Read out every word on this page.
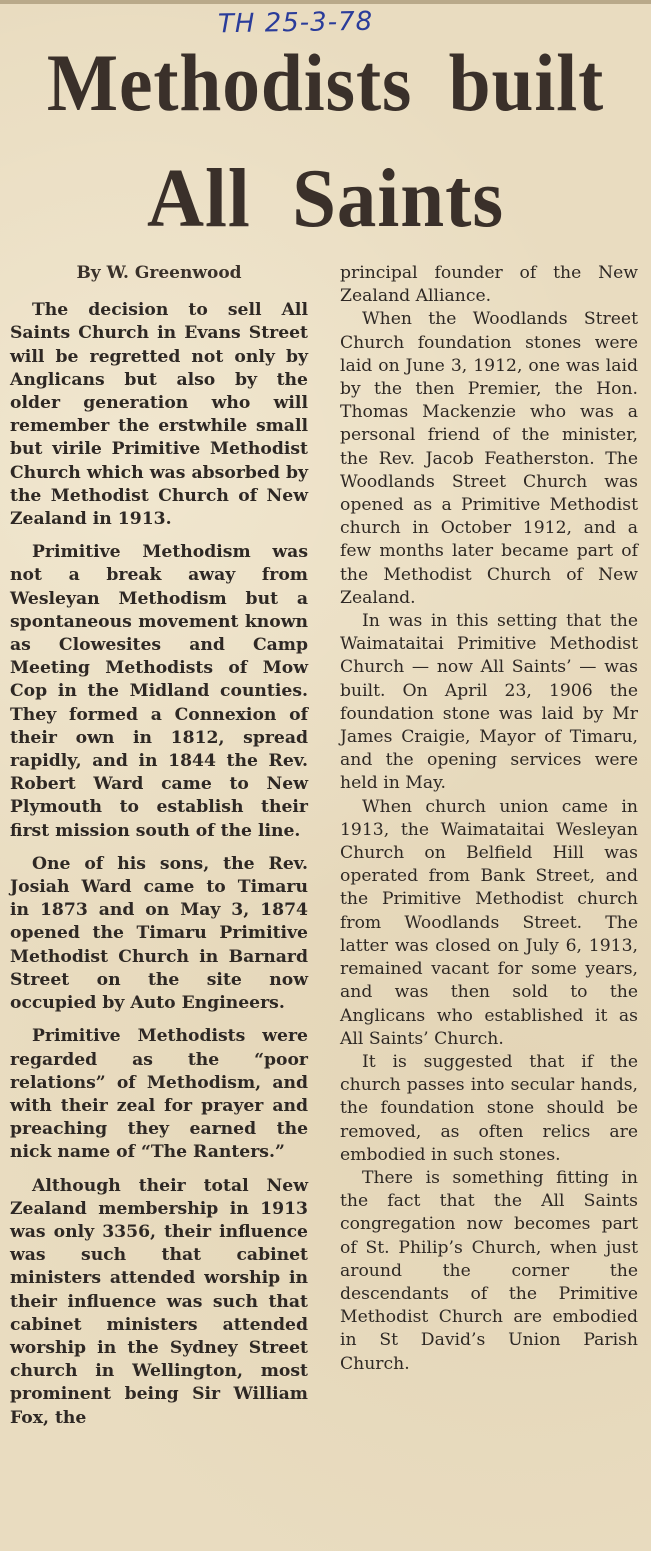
TH 25-3-78
Methodists built
All Saints

By W. Greenwood

The decision to sell All Saints Church in Evans Street will be regretted not only by Anglicans but also by the older generation who will remember the erstwhile small but virile Primitive Methodist Church which was absorbed by the Methodist Church of New Zealand in 1913.

Primitive Methodism was not a break away from Wesleyan Methodism but a spontaneous movement known as Clowesites and Camp Meeting Methodists of Mow Cop in the Midland counties. They formed a Connexion of their own in 1812, spread rapidly, and in 1844 the Rev. Robert Ward came to New Plymouth to establish their first mission south of the line.

One of his sons, the Rev. Josiah Ward came to Timaru in 1873 and on May 3, 1874 opened the Timaru Primitive Methodist Church in Barnard Street on the site now occupied by Auto Engineers.

Primitive Methodists were regarded as the “poor relations” of Methodism, and with their zeal for prayer and preaching they earned the nick name of “The Ranters.”

Although their total New Zealand membership in 1913 was only 3356, their influence was such that cabinet ministers attended worship in their influence was such that cabinet ministers attended worship in the Sydney Street church in Wellington, most prominent being Sir William Fox, the

principal founder of the New Zealand Alliance.

When the Woodlands Street Church foundation stones were laid on June 3, 1912, one was laid by the then Premier, the Hon. Thomas Mackenzie who was a personal friend of the minister, the Rev. Jacob Featherston. The Woodlands Street Church was opened as a Primitive Methodist church in October 1912, and a few months later became part of the Methodist Church of New Zealand.

In was in this setting that the Waimataitai Primitive Methodist Church — now All Saints’ — was built. On April 23, 1906 the foundation stone was laid by Mr James Craigie, Mayor of Timaru, and the opening services were held in May.

When church union came in 1913, the Waimataitai Wesleyan Church on Belfield Hill was operated from Bank Street, and the Primitive Methodist church from Woodlands Street. The latter was closed on July 6, 1913, remained vacant for some years, and was then sold to the Anglicans who established it as All Saints’ Church.

It is suggested that if the church passes into secular hands, the foundation stone should be removed, as often relics are embodied in such stones.

There is something fitting in the fact that the All Saints congregation now becomes part of St. Philip’s Church, when just around the corner the descendants of the Primitive Methodist Church are embodied in St David’s Union Parish Church.
